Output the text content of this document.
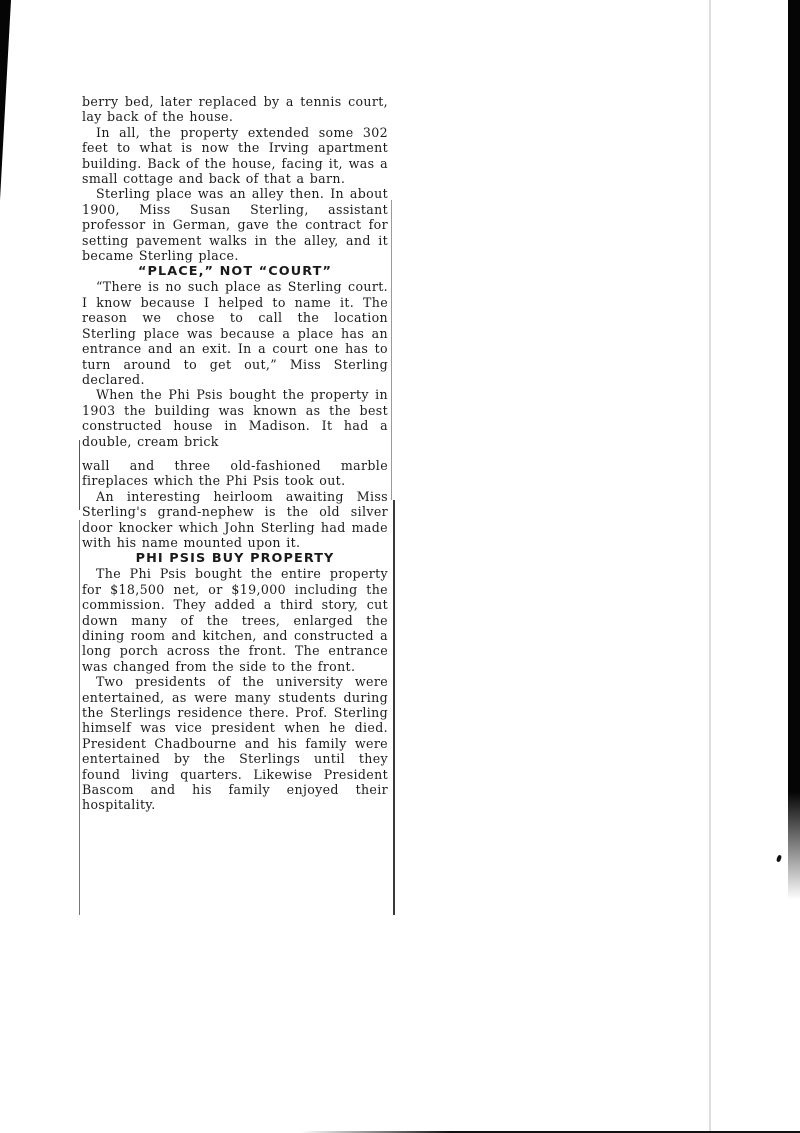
berry bed, later replaced by a tennis court, lay back of the house.

In all, the property extended some 302 feet to what is now the Irving apartment building. Back of the house, facing it, was a small cottage and back of that a barn.

Sterling place was an alley then. In about 1900, Miss Susan Sterling, assistant professor in German, gave the contract for setting pavement walks in the alley, and it became Sterling place.

“PLACE,” NOT “COURT”

“There is no such place as Sterling court. I know because I helped to name it. The reason we chose to call the location Sterling place was because a place has an entrance and an exit. In a court one has to turn around to get out,” Miss Sterling declared.

When the Phi Psis bought the property in 1903 the building was known as the best constructed house in Madison. It had a double, cream brick

wall and three old-fashioned marble fireplaces which the Phi Psis took out.

An interesting heirloom awaiting Miss Sterling's grand-nephew is the old silver door knocker which John Sterling had made with his name mounted upon it.

PHI PSIS BUY PROPERTY

The Phi Psis bought the entire property for $18,500 net, or $19,000 including the commission. They added a third story, cut down many of the trees, enlarged the dining room and kitchen, and constructed a long porch across the front. The entrance was changed from the side to the front.

Two presidents of the university were entertained, as were many students during the Sterlings residence there. Prof. Sterling himself was vice president when he died. President Chadbourne and his family were entertained by the Sterlings until they found living quarters. Likewise President Bascom and his family enjoyed their hospitality.
